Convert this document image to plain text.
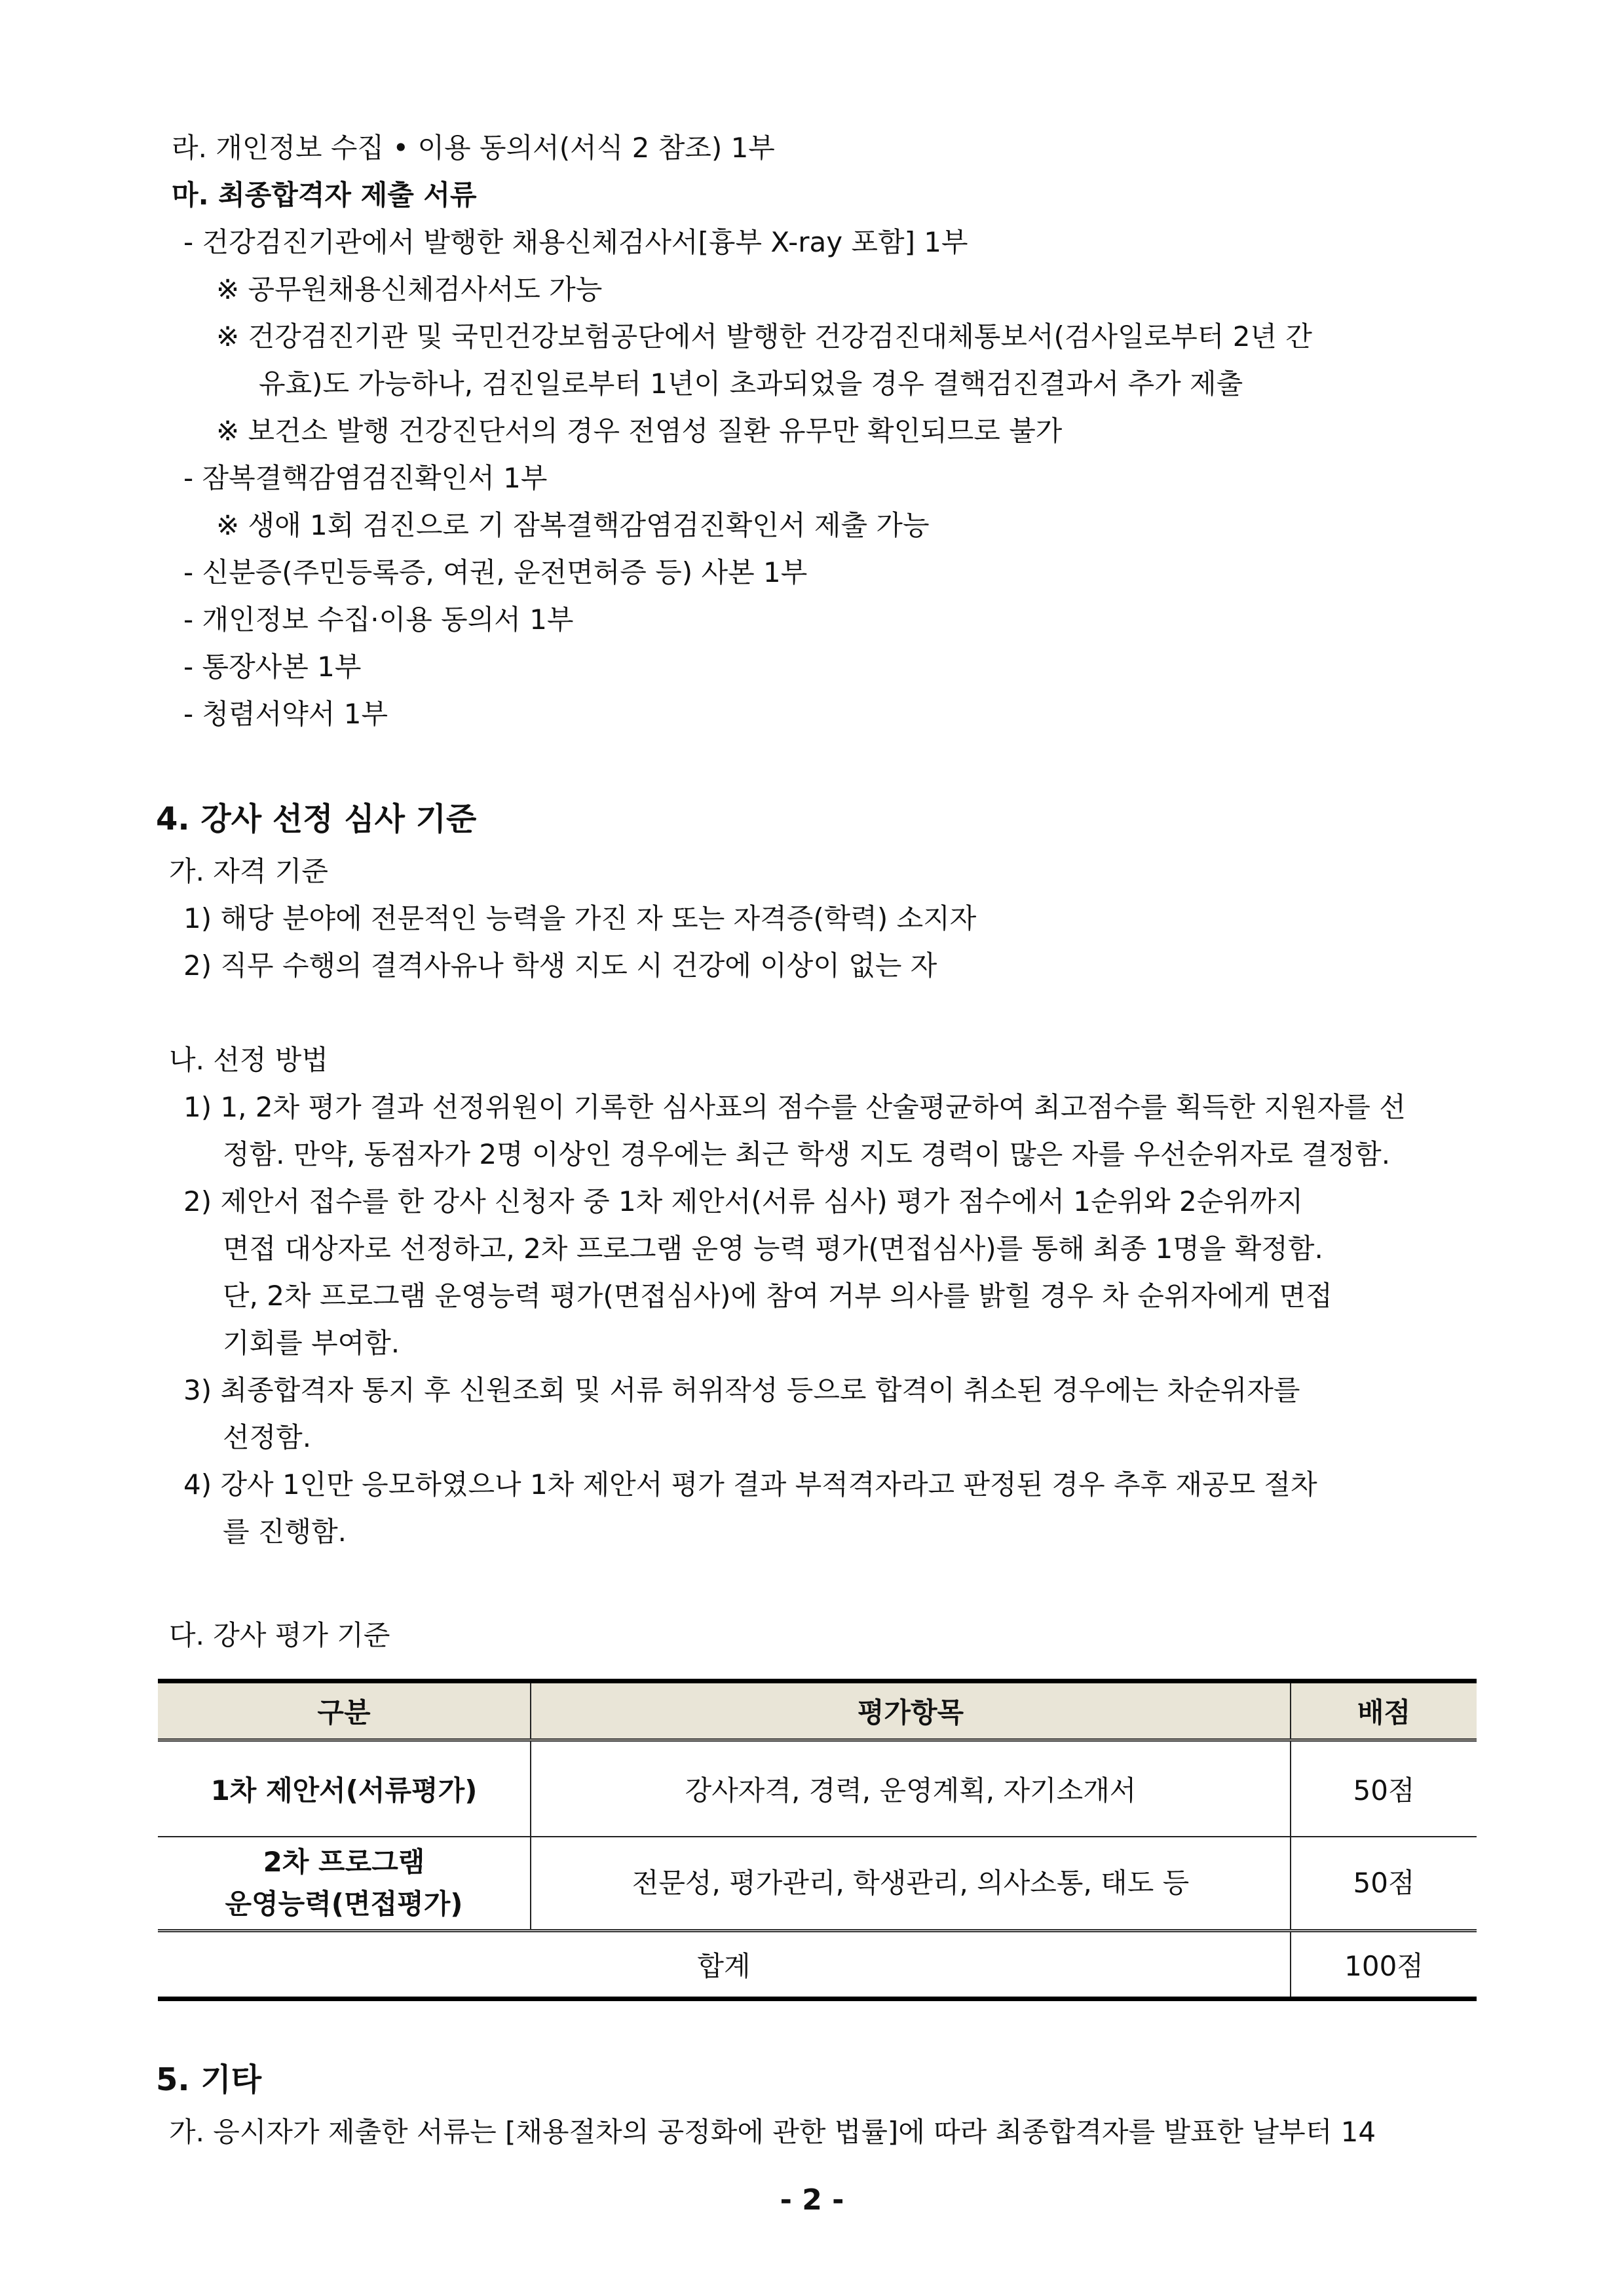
라. 개인정보 수집 • 이용 동의서(서식 2 참조) 1부
마. 최종합격자 제출 서류
- 건강검진기관에서 발행한 채용신체검사서[흉부 X-ray 포함] 1부
※ 공무원채용신체검사서도 가능
※ 건강검진기관 및 국민건강보험공단에서 발행한 건강검진대체통보서(검사일로부터 2년 간
유효)도 가능하나, 검진일로부터 1년이 초과되었을 경우 결핵검진결과서 추가 제출
※ 보건소 발행 건강진단서의 경우 전염성 질환 유무만 확인되므로 불가
- 잠복결핵감염검진확인서 1부
※ 생애 1회 검진으로 기 잠복결핵감염검진확인서 제출 가능
- 신분증(주민등록증, 여권, 운전면허증 등) 사본 1부
- 개인정보 수집·이용 동의서 1부
- 통장사본 1부
- 청렴서약서 1부
4. 강사 선정 심사 기준
가. 자격 기준
1) 해당 분야에 전문적인 능력을 가진 자 또는 자격증(학력) 소지자
2) 직무 수행의 결격사유나 학생 지도 시 건강에 이상이 없는 자
나. 선정 방법
1) 1, 2차 평가 결과 선정위원이 기록한 심사표의 점수를 산술평균하여 최고점수를 획득한 지원자를 선
정함. 만약, 동점자가 2명 이상인 경우에는 최근 학생 지도 경력이 많은 자를 우선순위자로 결정함.
2) 제안서 접수를 한 강사 신청자 중 1차 제안서(서류 심사) 평가 점수에서 1순위와 2순위까지
면접 대상자로 선정하고, 2차 프로그램 운영 능력 평가(면접심사)를 통해 최종 1명을 확정함.
단, 2차 프로그램 운영능력 평가(면접심사)에 참여 거부 의사를 밝힐 경우 차 순위자에게 면접
기회를 부여함.
3) 최종합격자 통지 후 신원조회 및 서류 허위작성 등으로 합격이 취소된 경우에는 차순위자를
선정함.
4) 강사 1인만 응모하였으나 1차 제안서 평가 결과 부적격자라고 판정된 경우 추후 재공모 절차
를 진행함.
다. 강사 평가 기준
구분	평가항목	배점
1차 제안서(서류평가)	강사자격, 경력, 운영계획, 자기소개서	50점

2차 프로그램
운영능력(면접평가)	전문성, 평가관리, 학생관리, 의사소통, 태도 등	50점
합계		100점
5. 기타
가. 응시자가 제출한 서류는 [채용절차의 공정화에 관한 법률]에 따라 최종합격자를 발표한 날부터 14
- 2 -
